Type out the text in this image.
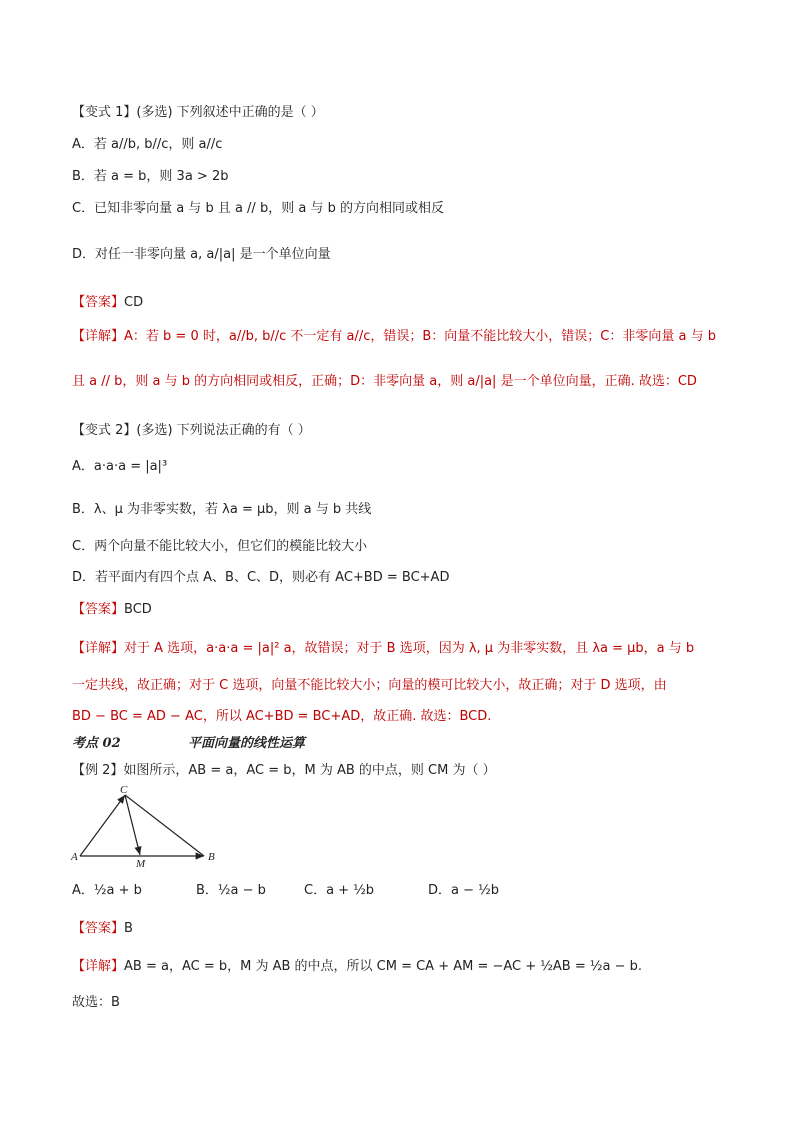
【变式 1】(多选) 下列叙述中正确的是（ ）
A．若 a//b, b//c，则 a//c
B．若 a = b，则 3a > 2b
C．已知非零向量 a 与 b 且 a // b，则 a 与 b 的方向相同或相反
D．对任一非零向量 a, a/|a| 是一个单位向量
【答案】CD
【详解】A：若 b = 0 时，a//b, b//c 不一定有 a//c，错误；B：向量不能比较大小，错误；C：非零向量 a 与 b
且 a // b，则 a 与 b 的方向相同或相反，正确；D：非零向量 a，则 a/|a| 是一个单位向量，正确. 故选：CD
【变式 2】(多选) 下列说法正确的有（ ）
A．a·a·a = |a|³
B．λ、μ 为非零实数，若 λa = μb，则 a 与 b 共线
C．两个向量不能比较大小，但它们的模能比较大小
D．若平面内有四个点 A、B、C、D，则必有 AC+BD = BC+AD
【答案】BCD
【详解】对于 A 选项，a·a·a = |a|² a，故错误；对于 B 选项，因为 λ, μ 为非零实数，且 λa = μb，a 与 b
一定共线，故正确；对于 C 选项，向量不能比较大小；向量的模可比较大小，故正确；对于 D 选项，由
BD − BC = AD − AC，所以 AC+BD = BC+AD，故正确. 故选：BCD.
考点 02	平面向量的线性运算
【例 2】如图所示，AB = a，AC = b，M 为 AB 的中点，则 CM 为（ ）
C
A	B
M
A．½a + b	B．½a − b	C．a + ½b	D．a − ½b
【答案】B
【详解】AB = a，AC = b，M 为 AB 的中点，所以 CM = CA + AM = −AC + ½AB = ½a − b.
故选：B
